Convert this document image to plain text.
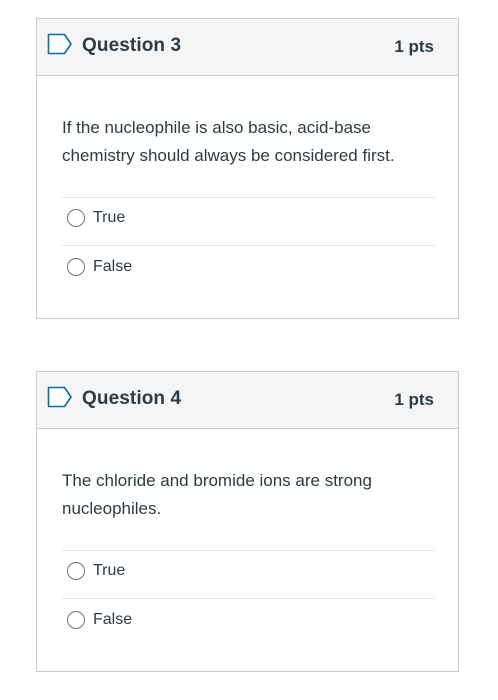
Question 3	1 pts
If the nucleophile is also basic, acid-base chemistry should always be considered first.
True
False
Question 4	1 pts
The chloride and bromide ions are strong nucleophiles.
True
False
